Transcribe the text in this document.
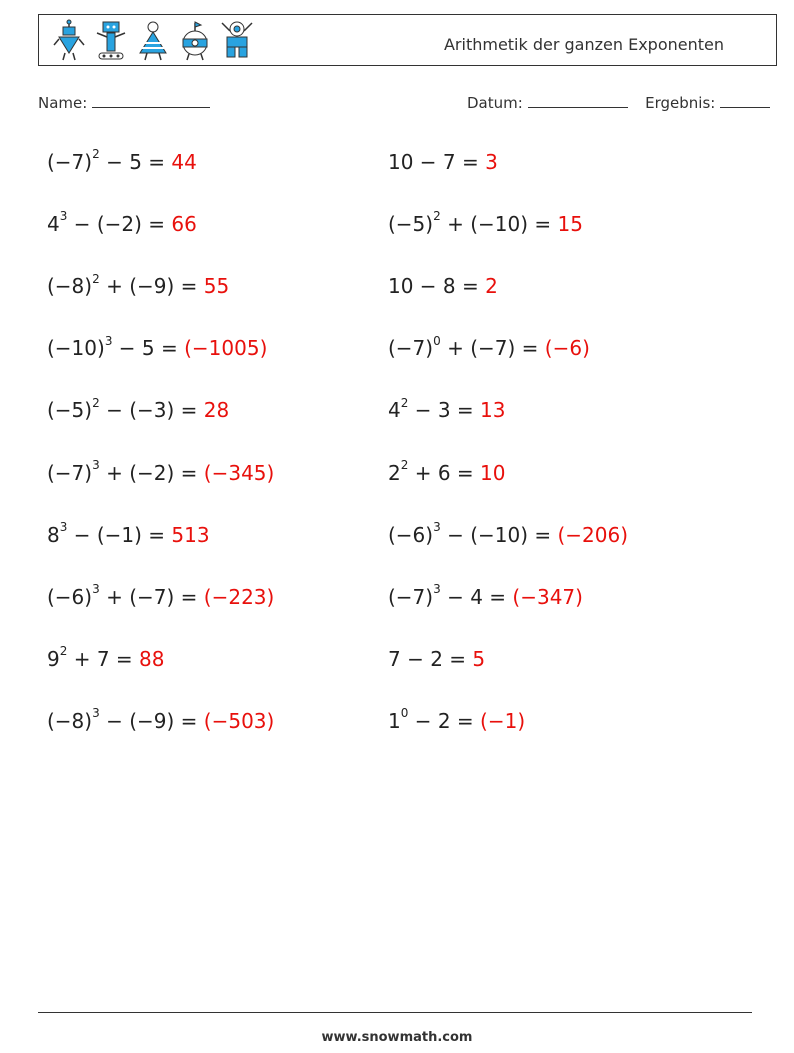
Arithmetik der ganzen Exponenten
Name:	Datum:	Ergebnis:
$(-7)^2 - 5 = 44$
$4^3 - (-2) = 66$
$(-8)^2 + (-9) = 55$
$(-10)^3 - 5 = (-1005)$
$(-5)^2 - (-3) = 28$
$(-7)^3 + (-2) = (-345)$
$8^3 - (-1) = 513$
$(-6)^3 + (-7) = (-223)$
$9^2 + 7 = 88$
$(-8)^3 - (-9) = (-503)$
10 − 7 = 3
$(-5)^2 + (-10) = 15$
10 − 8 = 2
$(-7)^0 + (-7) = (-6)$
$4^2 - 3 = 13$
$2^2 + 6 = 10$
$(-6)^3 - (-10) = (-206)$
$(-7)^3 - 4 = (-347)$
7 − 2 = 5
$1^0 - 2 = (-1)$
www.snowmath.com
